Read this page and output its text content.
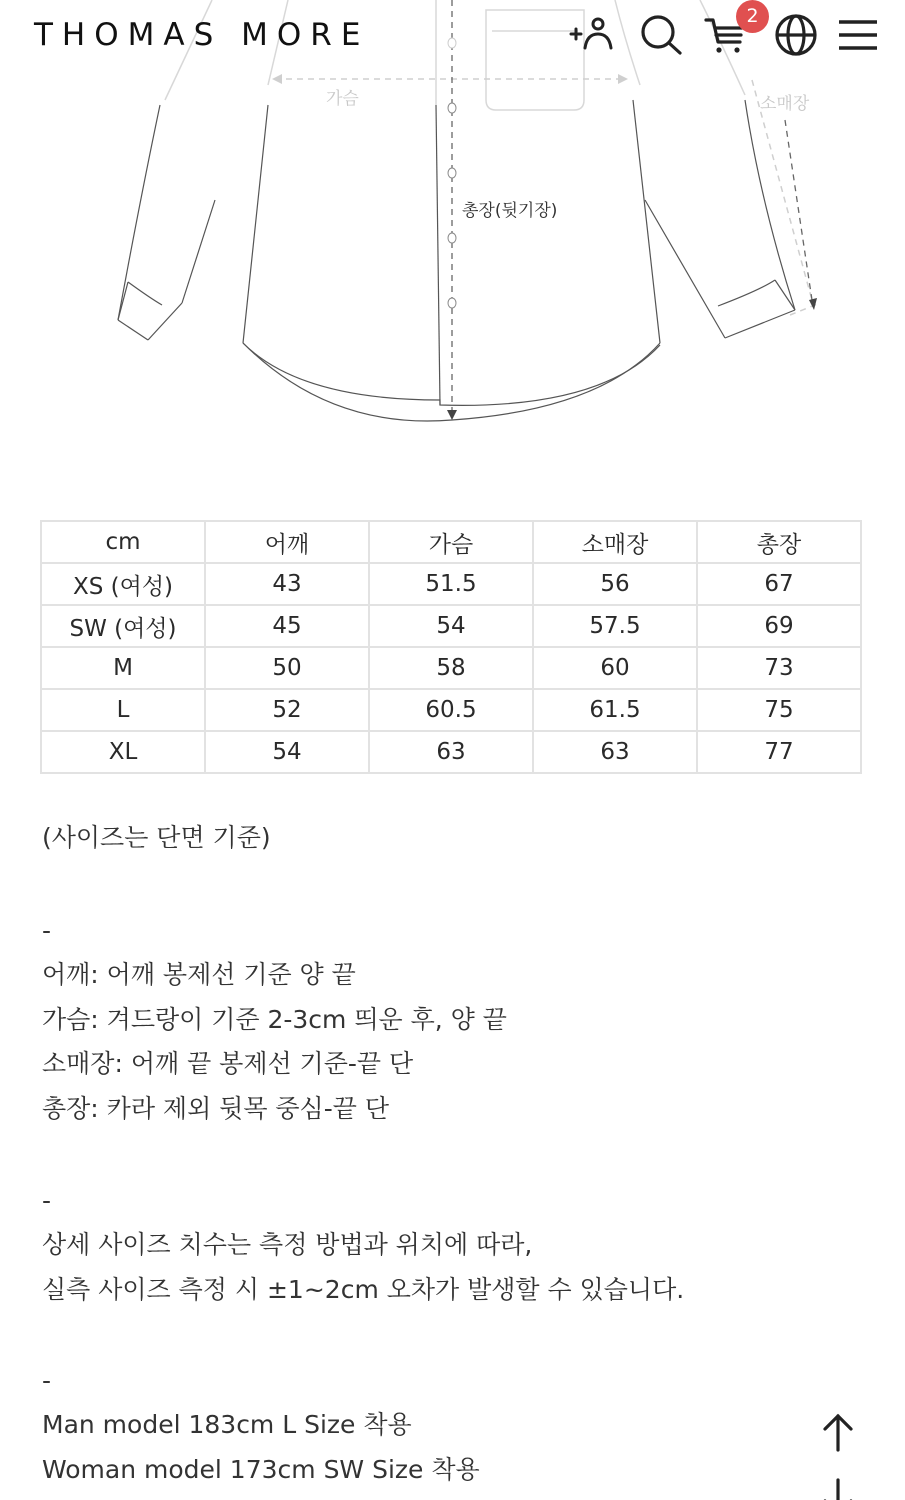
가슴	소매장
총장(뒷기장)
THOMAS MORE
2
cm	어깨	가슴	소매장	총장
XS (여성)	43	51.5	56	67
SW (여성)	45	54	57.5	69
M	50	58	60	73
L	52	60.5	61.5	75
XL	54	63	63	77
(사이즈는 단면 기준)
-
어깨: 어깨 봉제선 기준 양 끝
가슴: 겨드랑이 기준 2-3cm 띄운 후, 양 끝
소매장: 어깨 끝 봉제선 기준-끝 단
총장: 카라 제외 뒷목 중심-끝 단
-
상세 사이즈 치수는 측정 방법과 위치에 따라,
실측 사이즈 측정 시 ±1~2cm 오차가 발생할 수 있습니다.
-
Man model 183cm L Size 착용
Woman model 173cm SW Size 착용
